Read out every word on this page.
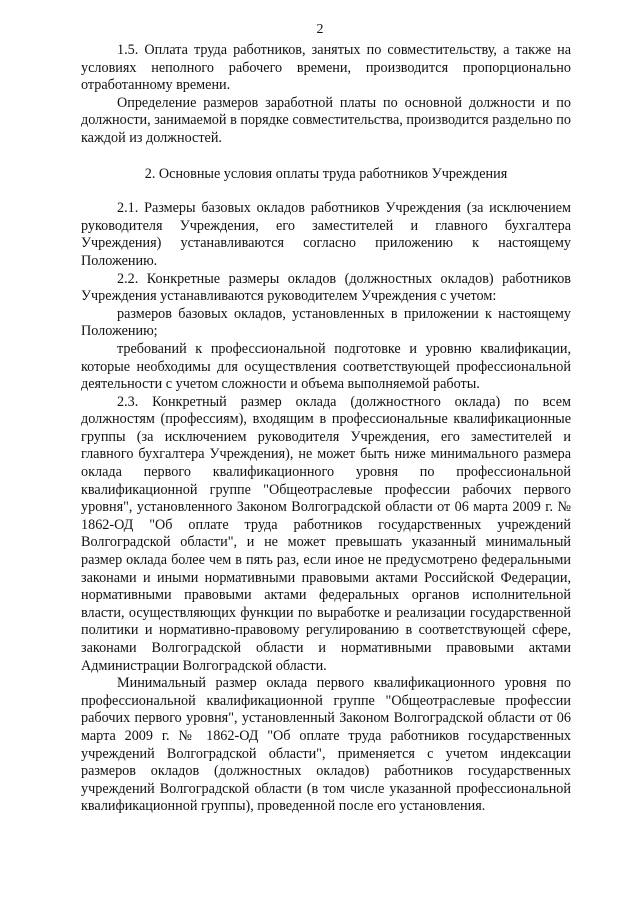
2

1.5. Оплата труда работников, занятых по совместительству, а также на условиях неполного рабочего времени, производится пропорционально отработанному времени.

Определение размеров заработной платы по основной должности и по должности, занимаемой в порядке совместительства, производится раздельно по каждой из должностей.

2. Основные условия оплаты труда работников Учреждения

2.1. Размеры базовых окладов работников Учреждения (за исключением руководителя Учреждения, его заместителей и главного бухгалтера Учреждения) устанавливаются согласно приложению к настоящему Положению.

2.2. Конкретные размеры окладов (должностных окладов) работников Учреждения устанавливаются руководителем Учреждения с учетом:

размеров базовых окладов, установленных в приложении к настоящему Положению;

требований к профессиональной подготовке и уровню квалификации, которые необходимы для осуществления соответствующей профессиональной деятельности с учетом сложности и объема выполняемой работы.

2.3. Конкретный размер оклада (должностного оклада) по всем должностям (профессиям), входящим в профессиональные квалификационные группы (за исключением руководителя Учреждения, его заместителей и главного бухгалтера Учреждения), не может быть ниже минимального размера оклада первого квалификационного уровня по профессиональной квалификационной группе "Общеотраслевые профессии рабочих первого уровня", установленного Законом Волгоградской области от 06 марта 2009 г. № 1862-ОД "Об оплате труда работников государственных учреждений Волгоградской области", и не может превышать указанный минимальный размер оклада более чем в пять раз, если иное не предусмотрено федеральными законами и иными нормативными правовыми актами Российской Федерации, нормативными правовыми актами федеральных органов исполнительной власти, осуществляющих функции по выработке и реализации государственной политики и нормативно-правовому регулированию в соответствующей сфере, законами Волгоградской области и нормативными правовыми актами Администрации Волгоградской области.

Минимальный размер оклада первого квалификационного уровня по профессиональной квалификационной группе "Общеотраслевые профессии рабочих первого уровня", установленный Законом Волгоградской области от 06 марта 2009 г. № 1862-ОД "Об оплате труда работников государственных учреждений Волгоградской области", применяется с учетом индексации размеров окладов (должностных окладов) работников государственных учреждений Волгоградской области (в том числе указанной профессиональной квалификационной группы), проведенной после его установления.
